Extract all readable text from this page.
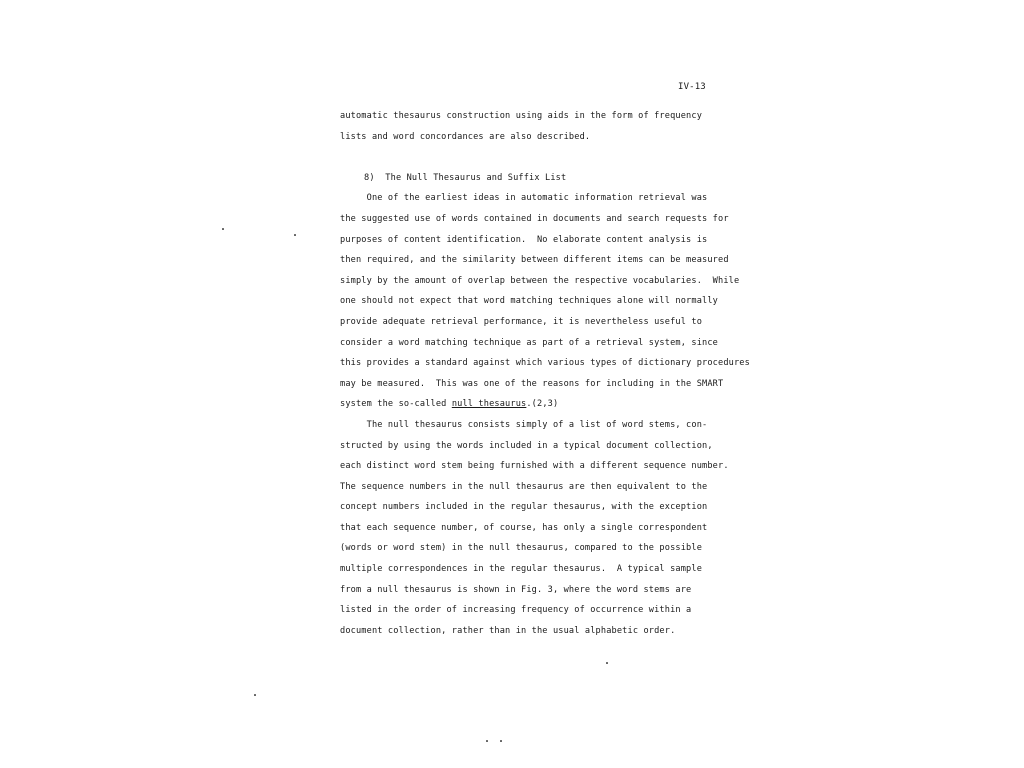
IV-13
automatic thesaurus construction using aids in the form of frequency
lists and word concordances are also described.
8)  The Null Thesaurus and Suffix List
One of the earliest ideas in automatic information retrieval was
the suggested use of words contained in documents and search requests for
purposes of content identification.  No elaborate content analysis is
then required, and the similarity between different items can be measured
simply by the amount of overlap between the respective vocabularies.  While
one should not expect that word matching techniques alone will normally
provide adequate retrieval performance, it is nevertheless useful to
consider a word matching technique as part of a retrieval system, since
this provides a standard against which various types of dictionary procedures
may be measured.  This was one of the reasons for including in the SMART
system the so-called null thesaurus.(2,3)
The null thesaurus consists simply of a list of word stems, con-
structed by using the words included in a typical document collection,
each distinct word stem being furnished with a different sequence number.
The sequence numbers in the null thesaurus are then equivalent to the
concept numbers included in the regular thesaurus, with the exception
that each sequence number, of course, has only a single correspondent
(words or word stem) in the null thesaurus, compared to the possible
multiple correspondences in the regular thesaurus.  A typical sample
from a null thesaurus is shown in Fig. 3, where the word stems are
listed in the order of increasing frequency of occurrence within a
document collection, rather than in the usual alphabetic order.
